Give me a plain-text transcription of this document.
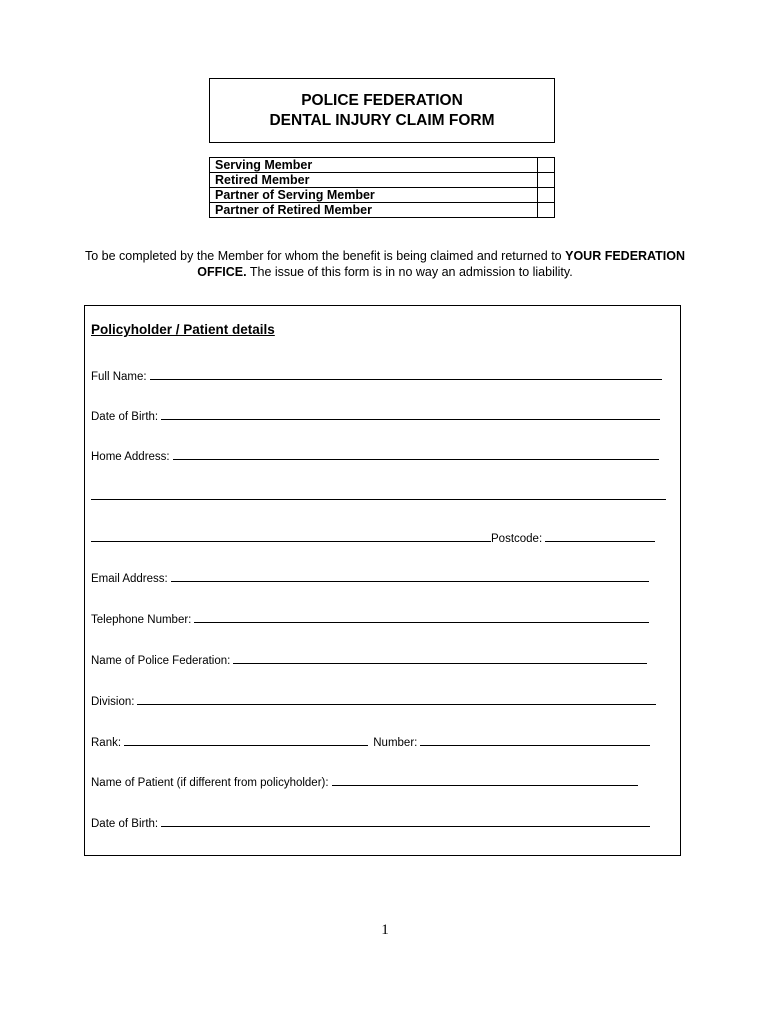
POLICE FEDERATION
DENTAL INJURY CLAIM FORM
Serving Member	
Retired Member	
Partner of Serving Member	
Partner of Retired Member	
To be completed by the Member for whom the benefit is being claimed and returned to YOUR FEDERATION OFFICE. The issue of this form is in no way an admission to liability.
Policyholder / Patient details
Full Name:
Date of Birth:
Home Address:
Postcode:
Email Address:
Telephone Number:
Name of Police Federation:
Division:
Rank:	Number:
Name of Patient (if different from policyholder):
Date of Birth:
1
